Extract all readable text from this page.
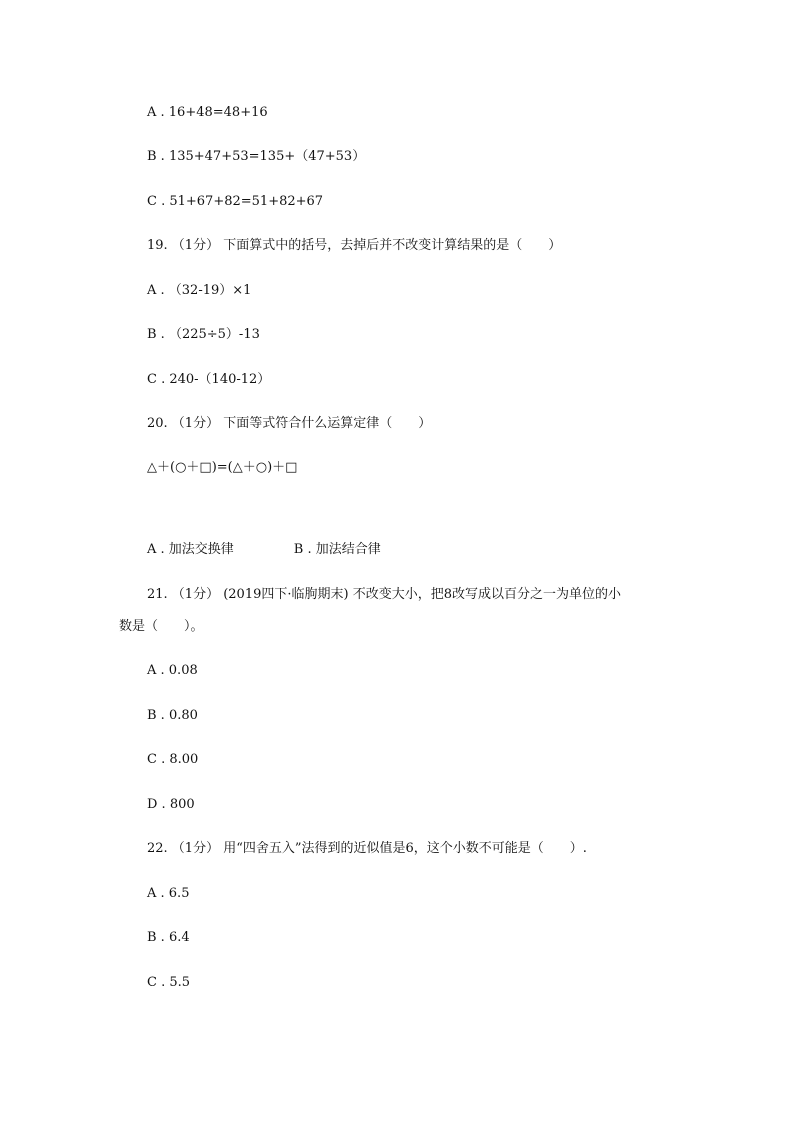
A . 16+48=48+16
B . 135+47+53=135+（47+53）
C . 51+67+82=51+82+67
19. （1分） 下面算式中的括号，去掉后并不改变计算结果的是（　　）
A . （32-19）×1
B . （225÷5）-13
C . 240-（140-12）
20. （1分） 下面等式符合什么运算定律（　　）
△＋(○＋□)=(△＋○)＋□
A . 加法交换律	B . 加法结合律
21. （1分） (2019四下·临朐期末) 不改变大小，把8改写成以百分之一为单位的小
数是（　　）。
A . 0.08
B . 0.80
C . 8.00
D . 800
22. （1分） 用“四舍五入”法得到的近似值是6，这个小数不可能是（　　）.
A . 6.5
B . 6.4
C . 5.5
